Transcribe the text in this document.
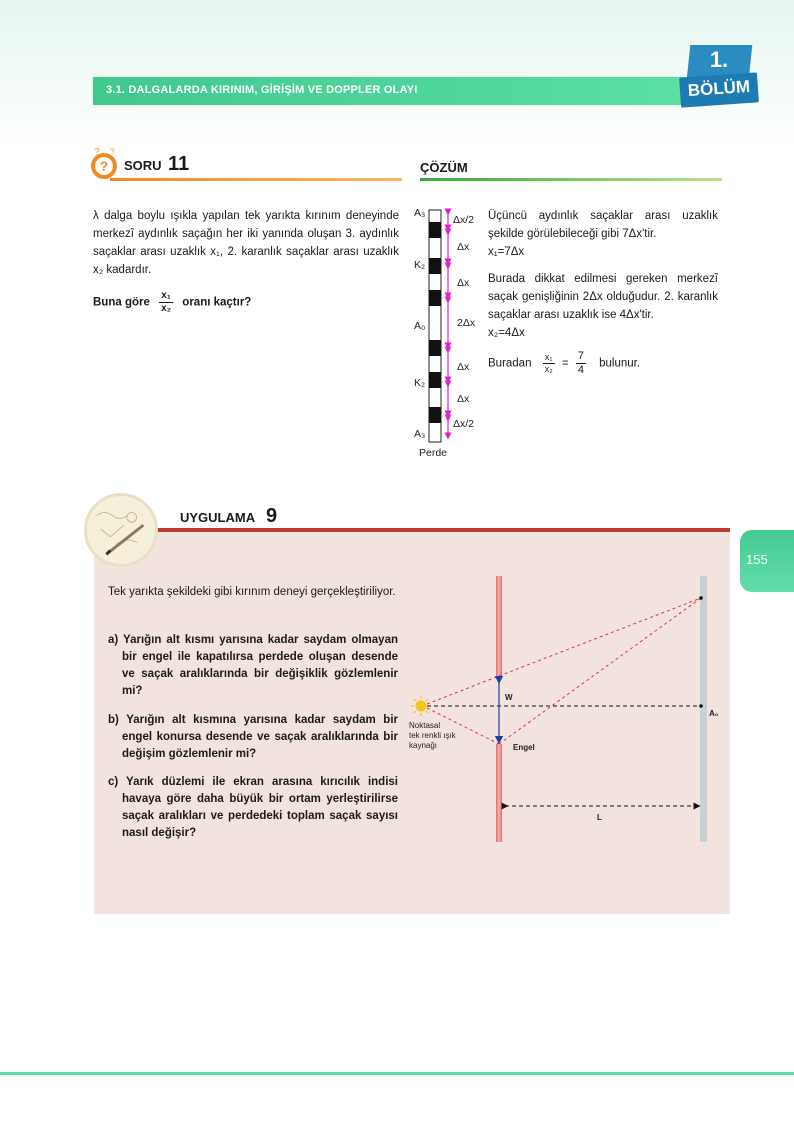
3.1. DALGALARDA KIRINIM, GİRİŞİM VE DOPPLER OLAYI
1.
BÖLÜM
?
? ?
SORU 11	ÇÖZÜM
λ dalga boylu ışıkla yapılan tek yarıkta kırınım deneyinde merkezî aydınlık saçağın her iki yanında oluşan 3. aydınlık saçaklar arası uzaklık x₁, 2. karanlık saçaklar arası uzaklık x₂ kadardır.
Buna göre $\frac{\text{x₁}}{\text{x₂}}$ oranı kaçtır?
A₃
K₂
A₀
K₂
A₃
Perde
Δx/2
Δx
Δx
2Δx
Δx
Δx
Δx/2

Üçüncü aydınlık saçaklar arası uzaklık şekilde görülebileceği gibi 7Δx'tir.

x₁=7Δx

Burada dikkat edilmesi gereken merkezî saçak genişliğinin 2Δx olduğudur. 2. karanlık saçaklar arası uzaklık ise 4Δx'tir.

x₂=4Δx

Buradan $\frac{\text{x₁}}{\text{x₂}} = \frac{7}{4}$ bulunur.

UYGULAMA 9
155
Tek yarıkta şekildeki gibi kırınım deneyi gerçekleştiriliyor.
a) Yarığın alt kısmı yarısına kadar saydam olmayan bir engel ile kapatılırsa perdede oluşan desende ve saçak aralıklarında bir değişiklik gözlemlenir mi?
b) Yarığın alt kısmına yarısına kadar saydam bir engel konursa desende ve saçak aralıklarında bir değişim gözlemlenir mi?
c) Yarık düzlemi ile ekran arasına kırıcılık indisi havaya göre daha büyük bir ortam yerleştirilirse saçak aralıkları ve perdedeki toplam saçak sayısı nasıl değişir?
Noktasal
tek renkli ışık
kaynağı
W
Engel
A₀
L
